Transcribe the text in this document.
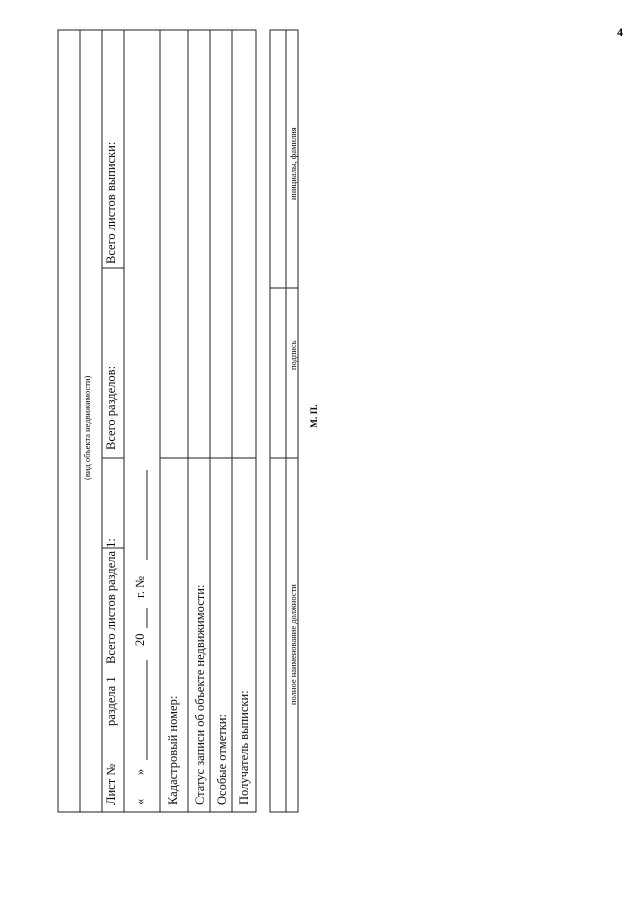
4
(вид объекта недвижимости)
Лист №
раздела 1
Всего листов раздела 1:
Всего разделов:
Всего листов выписки:
«
»
20
г. №
Кадастровый номер: Статус записи об объекте недвижимости: Особые отметки: Получатель выписки:
полное наименование должности
подпись
инициалы, фамилия
М. П.
